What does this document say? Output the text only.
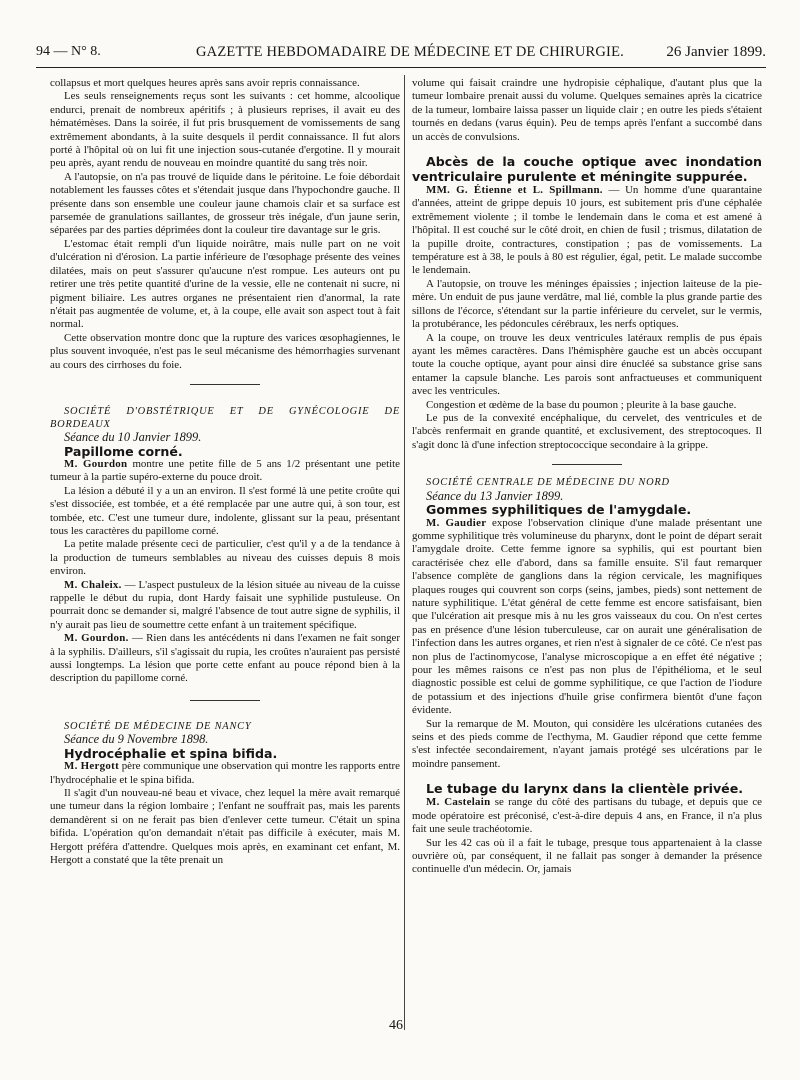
94 — N° 8.	GAZETTE HEBDOMADAIRE DE MÉDECINE ET DE CHIRURGIE.	26 Janvier 1899.

collapsus et mort quelques heures après sans avoir repris connaissance.

Les seuls renseignements reçus sont les suivants : cet homme, alcoolique endurci, prenait de nombreux apéritifs ; à plusieurs reprises, il avait eu des hématémèses. Dans la soirée, il fut pris brusquement de vomissements de sang extrêmement abondants, à la suite desquels il perdit connaissance. Il fut alors porté à l'hôpital où on lui fit une injection sous-cutanée d'ergotine. Il y mourait peu après, ayant rendu de nouveau en moindre quantité du sang très noir.

A l'autopsie, on n'a pas trouvé de liquide dans le péritoine. Le foie débordait notablement les fausses côtes et s'étendait jusque dans l'hypochondre gauche. Il présente dans son ensemble une couleur jaune chamois clair et sa surface est parsemée de granulations saillantes, de grosseur très inégale, d'un jaune serin, séparées par des parties déprimées dont la couleur tire davantage sur le gris.

L'estomac était rempli d'un liquide noirâtre, mais nulle part on ne voit d'ulcération ni d'érosion. La partie inférieure de l'œsophage présente des veines dilatées, mais on peut s'assurer qu'aucune n'est rompue. Les auteurs ont pu retirer une très petite quantité d'urine de la vessie, elle ne contenait ni sucre, ni pigment biliaire. Les autres organes ne présentaient rien d'anormal, la rate n'était pas augmentée de volume, et, à la coupe, elle avait son aspect tout à fait normal.

Cette observation montre donc que la rupture des varices œsophagiennes, le plus souvent invoquée, n'est pas le seul mécanisme des hémorrhagies survenant au cours des cirrhoses du foie.

SOCIÉTÉ D'OBSTÉTRIQUE ET DE GYNÉCOLOGIE DE BORDEAUX

Séance du 10 Janvier 1899.

Papillome corné.

M. Gourdon montre une petite fille de 5 ans 1/2 présentant une petite tumeur à la partie supéro-externe du pouce droit.

La lésion a débuté il y a un an environ. Il s'est formé là une petite croûte qui s'est dissociée, est tombée, et a été remplacée par une autre qui, à son tour, est tombée, etc. C'est une tumeur dure, indolente, glissant sur la peau, présentant tous les caractères du papillome corné.

La petite malade présente ceci de particulier, c'est qu'il y a de la tendance à la production de tumeurs semblables au niveau des cuisses depuis 8 mois environ.

M. Chaleix. — L'aspect pustuleux de la lésion située au niveau de la cuisse rappelle le début du rupia, dont Hardy faisait une syphilide pustuleuse. On pourrait donc se demander si, malgré l'absence de tout autre signe de syphilis, il n'y aurait pas lieu de soumettre cette enfant à un traitement spécifique.

M. Gourdon. — Rien dans les antécédents ni dans l'examen ne fait songer à la syphilis. D'ailleurs, s'il s'agissait du rupia, les croûtes n'auraient pas persisté aussi longtemps. La lésion que porte cette enfant au pouce répond bien à la description du papillome corné.

SOCIÉTÉ DE MÉDECINE DE NANCY

Séance du 9 Novembre 1898.

Hydrocéphalie et spina bifida.

M. Hergott père communique une observation qui montre les rapports entre l'hydrocéphalie et le spina bifida.

Il s'agit d'un nouveau-né beau et vivace, chez lequel la mère avait remarqué une tumeur dans la région lombaire ; l'enfant ne souffrait pas, mais les parents demandèrent si on ne ferait pas bien d'enlever cette tumeur. C'était un spina bifida. L'opération qu'on demandait n'était pas difficile à exécuter, mais M. Hergott préféra d'attendre. Quelques mois après, en examinant cet enfant, M. Hergott a constaté que la tête prenait un

volume qui faisait craindre une hydropisie céphalique, d'autant plus que la tumeur lombaire prenait aussi du volume. Quelques semaines après la cicatrice de la tumeur, lombaire laissa passer un liquide clair ; en outre les pieds s'étaient tournés en dedans (varus équin). Peu de temps après l'enfant a succombé dans un accès de convulsions.

Abcès de la couche optique avec inondation ventriculaire purulente et méningite suppurée.

MM. G. Étienne et L. Spillmann. — Un homme d'une quarantaine d'années, atteint de grippe depuis 10 jours, est subitement pris d'une céphalée extrêmement violente ; il tombe le lendemain dans le coma et est amené à l'hôpital. Il est couché sur le côté droit, en chien de fusil ; trismus, dilatation de la pupille droite, contractures, constipation ; pas de vomissements. La température est à 38, le pouls à 80 est régulier, égal, petit. Le malade succombe le lendemain.

A l'autopsie, on trouve les méninges épaissies ; injection laiteuse de la pie-mère. Un enduit de pus jaune verdâtre, mal lié, comble la plus grande partie des sillons de l'écorce, s'étendant sur la partie inférieure du cervelet, sur le vermis, la protubérance, les pédoncules cérébraux, les nerfs optiques.

A la coupe, on trouve les deux ventricules latéraux remplis de pus épais ayant les mêmes caractères. Dans l'hémisphère gauche est un abcès occupant toute la couche optique, ayant pour ainsi dire énucléé sa substance grise sans entamer la capsule blanche. Les parois sont anfractueuses et communiquent avec les ventricules.

Congestion et œdème de la base du poumon ; pleurite à la base gauche.

Le pus de la convexité encéphalique, du cervelet, des ventricules et de l'abcès renfermait en grande quantité, et exclusivement, des streptocoques. Il s'agit donc là d'une infection streptococcique secondaire à la grippe.

SOCIÉTÉ CENTRALE DE MÉDECINE DU NORD

Séance du 13 Janvier 1899.

Gommes syphilitiques de l'amygdale.

M. Gaudier expose l'observation clinique d'une malade présentant une gomme syphilitique très volumineuse du pharynx, dont le point de départ serait l'amygdale droite. Cette femme ignore sa syphilis, qui est pourtant bien caractérisée chez elle d'abord, dans sa famille ensuite. S'il faut remarquer l'absence complète de ganglions dans la région cervicale, les magnifiques plaques rouges qui couvrent son corps (seins, jambes, pieds) sont nettement de nature syphilitique. L'état général de cette femme est encore satisfaisant, bien que l'ulcération ait presque mis à nu les gros vaisseaux du cou. On n'est certes pas en présence d'une lésion tuberculeuse, car on aurait une généralisation de l'infection dans les autres organes, et rien n'est à signaler de ce côté. Ce n'est pas non plus de l'actinomycose, l'analyse microscopique a en effet été négative ; pour les mêmes raisons ce n'est pas non plus de l'épithélioma, et le seul diagnostic possible est celui de gomme syphilitique, ce que l'action de l'iodure de potassium et des injections d'huile grise confirmera bientôt d'une façon évidente.

Sur la remarque de M. Mouton, qui considère les ulcérations cutanées des seins et des pieds comme de l'ecthyma, M. Gaudier répond que cette femme s'est infectée secondairement, n'ayant jamais protégé ses ulcérations par le moindre pansement.

Le tubage du larynx dans la clientèle privée.

M. Castelain se range du côté des partisans du tubage, et depuis que ce mode opératoire est préconisé, c'est-à-dire depuis 4 ans, en France, il n'a plus fait une seule trachéotomie.

Sur les 42 cas où il a fait le tubage, presque tous appartenaient à la classe ouvrière où, par conséquent, il ne fallait pas songer à demander la présence continuelle d'un médecin. Or, jamais

46
